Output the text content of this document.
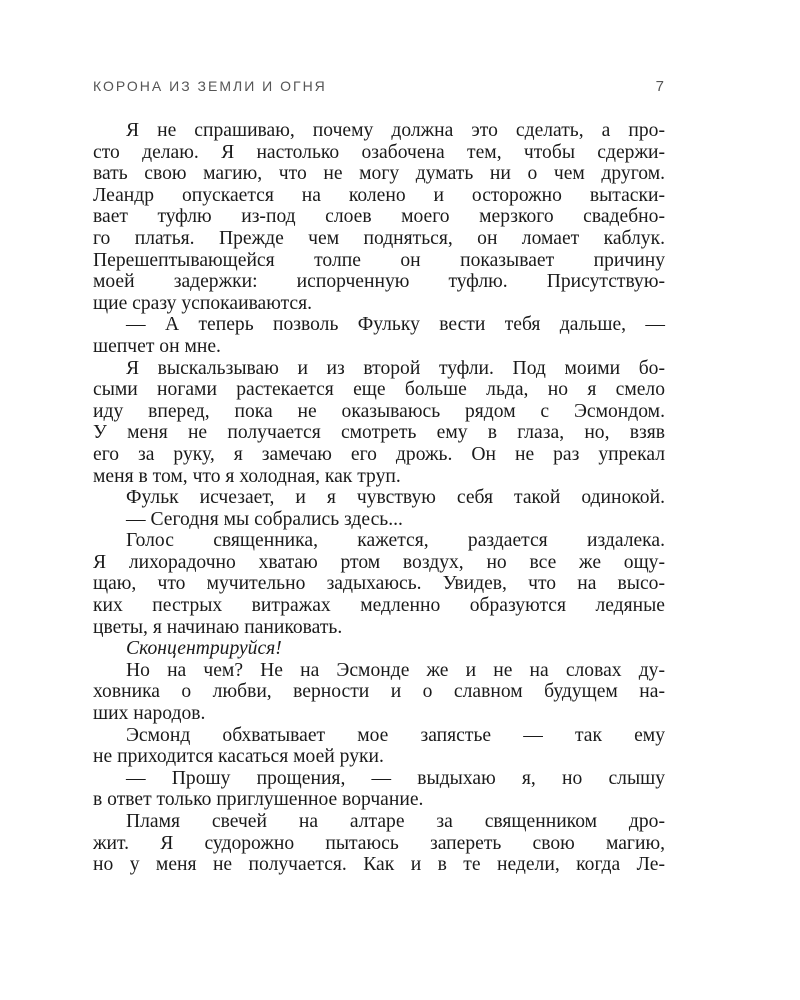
КОРОНА ИЗ ЗЕМЛИ И ОГНЯ	7
Я не спрашиваю, почему должна это сделать, а про-
сто делаю. Я настолько озабочена тем, чтобы сдержи-
вать свою магию, что не могу думать ни о чем другом.
Леандр опускается на колено и осторожно вытаски-
вает туфлю из-под слоев моего мерзкого свадебно-
го платья. Прежде чем подняться, он ломает каблук.
Перешептывающейся толпе он показывает причину
моей задержки: испорченную туфлю. Присутствую-
щие сразу успокаиваются.
— А теперь позволь Фульку вести тебя дальше, —
шепчет он мне.
Я выскальзываю и из второй туфли. Под моими бо-
сыми ногами растекается еще больше льда, но я смело
иду вперед, пока не оказываюсь рядом с Эсмондом.
У меня не получается смотреть ему в глаза, но, взяв
его за руку, я замечаю его дрожь. Он не раз упрекал
меня в том, что я холодная, как труп.
Фульк исчезает, и я чувствую себя такой одинокой.
— Сегодня мы собрались здесь...
Голос священника, кажется, раздается издалека.
Я лихорадочно хватаю ртом воздух, но все же ощу-
щаю, что мучительно задыхаюсь. Увидев, что на высо-
ких пестрых витражах медленно образуются ледяные
цветы, я начинаю паниковать.
Сконцентрируйся!
Но на чем? Не на Эсмонде же и не на словах ду-
ховника о любви, верности и о славном будущем на-
ших народов.
Эсмонд обхватывает мое запястье — так ему
не приходится касаться моей руки.
— Прошу прощения, — выдыхаю я, но слышу
в ответ только приглушенное ворчание.
Пламя свечей на алтаре за священником дро-
жит. Я судорожно пытаюсь запереть свою магию,
но у меня не получается. Как и в те недели, когда Ле-
